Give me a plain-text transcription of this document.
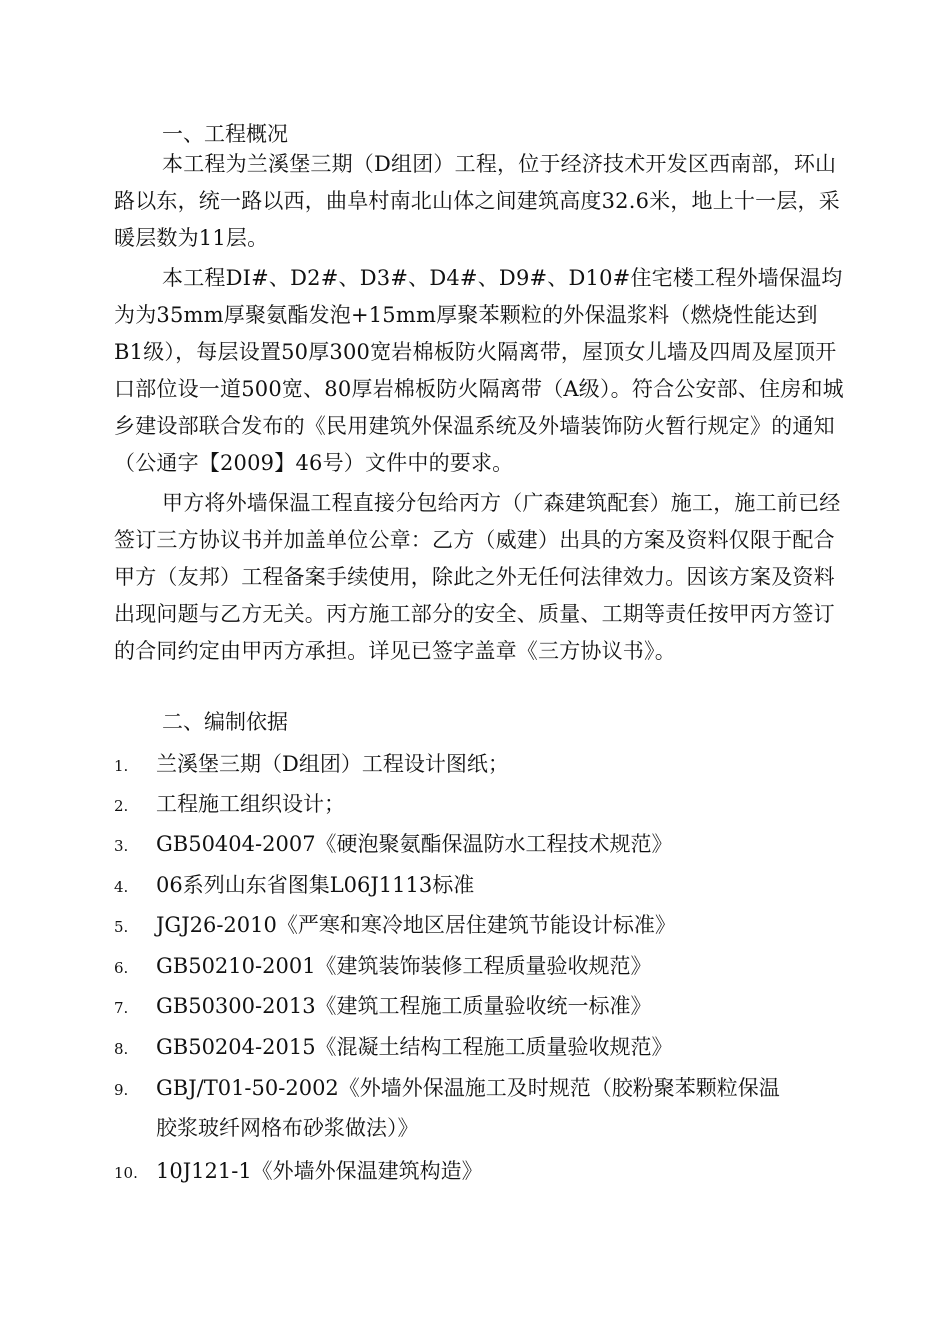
一、工程概况

本工程为兰溪堡三期（D组团）工程，位于经济技术开发区西南部，环山路以东，统一路以西，曲阜村南北山体之间建筑高度32.6米，地上十一层，采暖层数为11层。

本工程DI#、D2#、D3#、D4#、D9#、D10#住宅楼工程外墙保温均为为35mm厚聚氨酯发泡+15mm厚聚苯颗粒的外保温浆料（燃烧性能达到B1级），每层设置50厚300宽岩棉板防火隔离带，屋顶女儿墙及四周及屋顶开口部位设一道500宽、80厚岩棉板防火隔离带（A级）。符合公安部、住房和城乡建设部联合发布的《民用建筑外保温系统及外墙装饰防火暂行规定》的通知（公通字【2009】46号）文件中的要求。

甲方将外墙保温工程直接分包给丙方（广森建筑配套）施工，施工前已经签订三方协议书并加盖单位公章：乙方（威建）出具的方案及资料仅限于配合甲方（友邦）工程备案手续使用，除此之外无任何法律效力。因该方案及资料出现问题与乙方无关。丙方施工部分的安全、质量、工期等责任按甲丙方签订的合同约定由甲丙方承担。详见已签字盖章《三方协议书》。

二、编制依据
1. 兰溪堡三期（D组团）工程设计图纸；
2. 工程施工组织设计；
3. GB50404-2007《硬泡聚氨酯保温防水工程技术规范》
4. 06系列山东省图集L06J1113标准
5. JGJ26-2010《严寒和寒冷地区居住建筑节能设计标准》
6. GB50210-2001《建筑装饰装修工程质量验收规范》
7. GB50300-2013《建筑工程施工质量验收统一标准》
8. GB50204-2015《混凝土结构工程施工质量验收规范》
9. GBJ/T01-50-2002《外墙外保温施工及时规范（胶粉聚苯颗粒保温
胶浆玻纤网格布砂浆做法）》
10. 10J121-1《外墙外保温建筑构造》
